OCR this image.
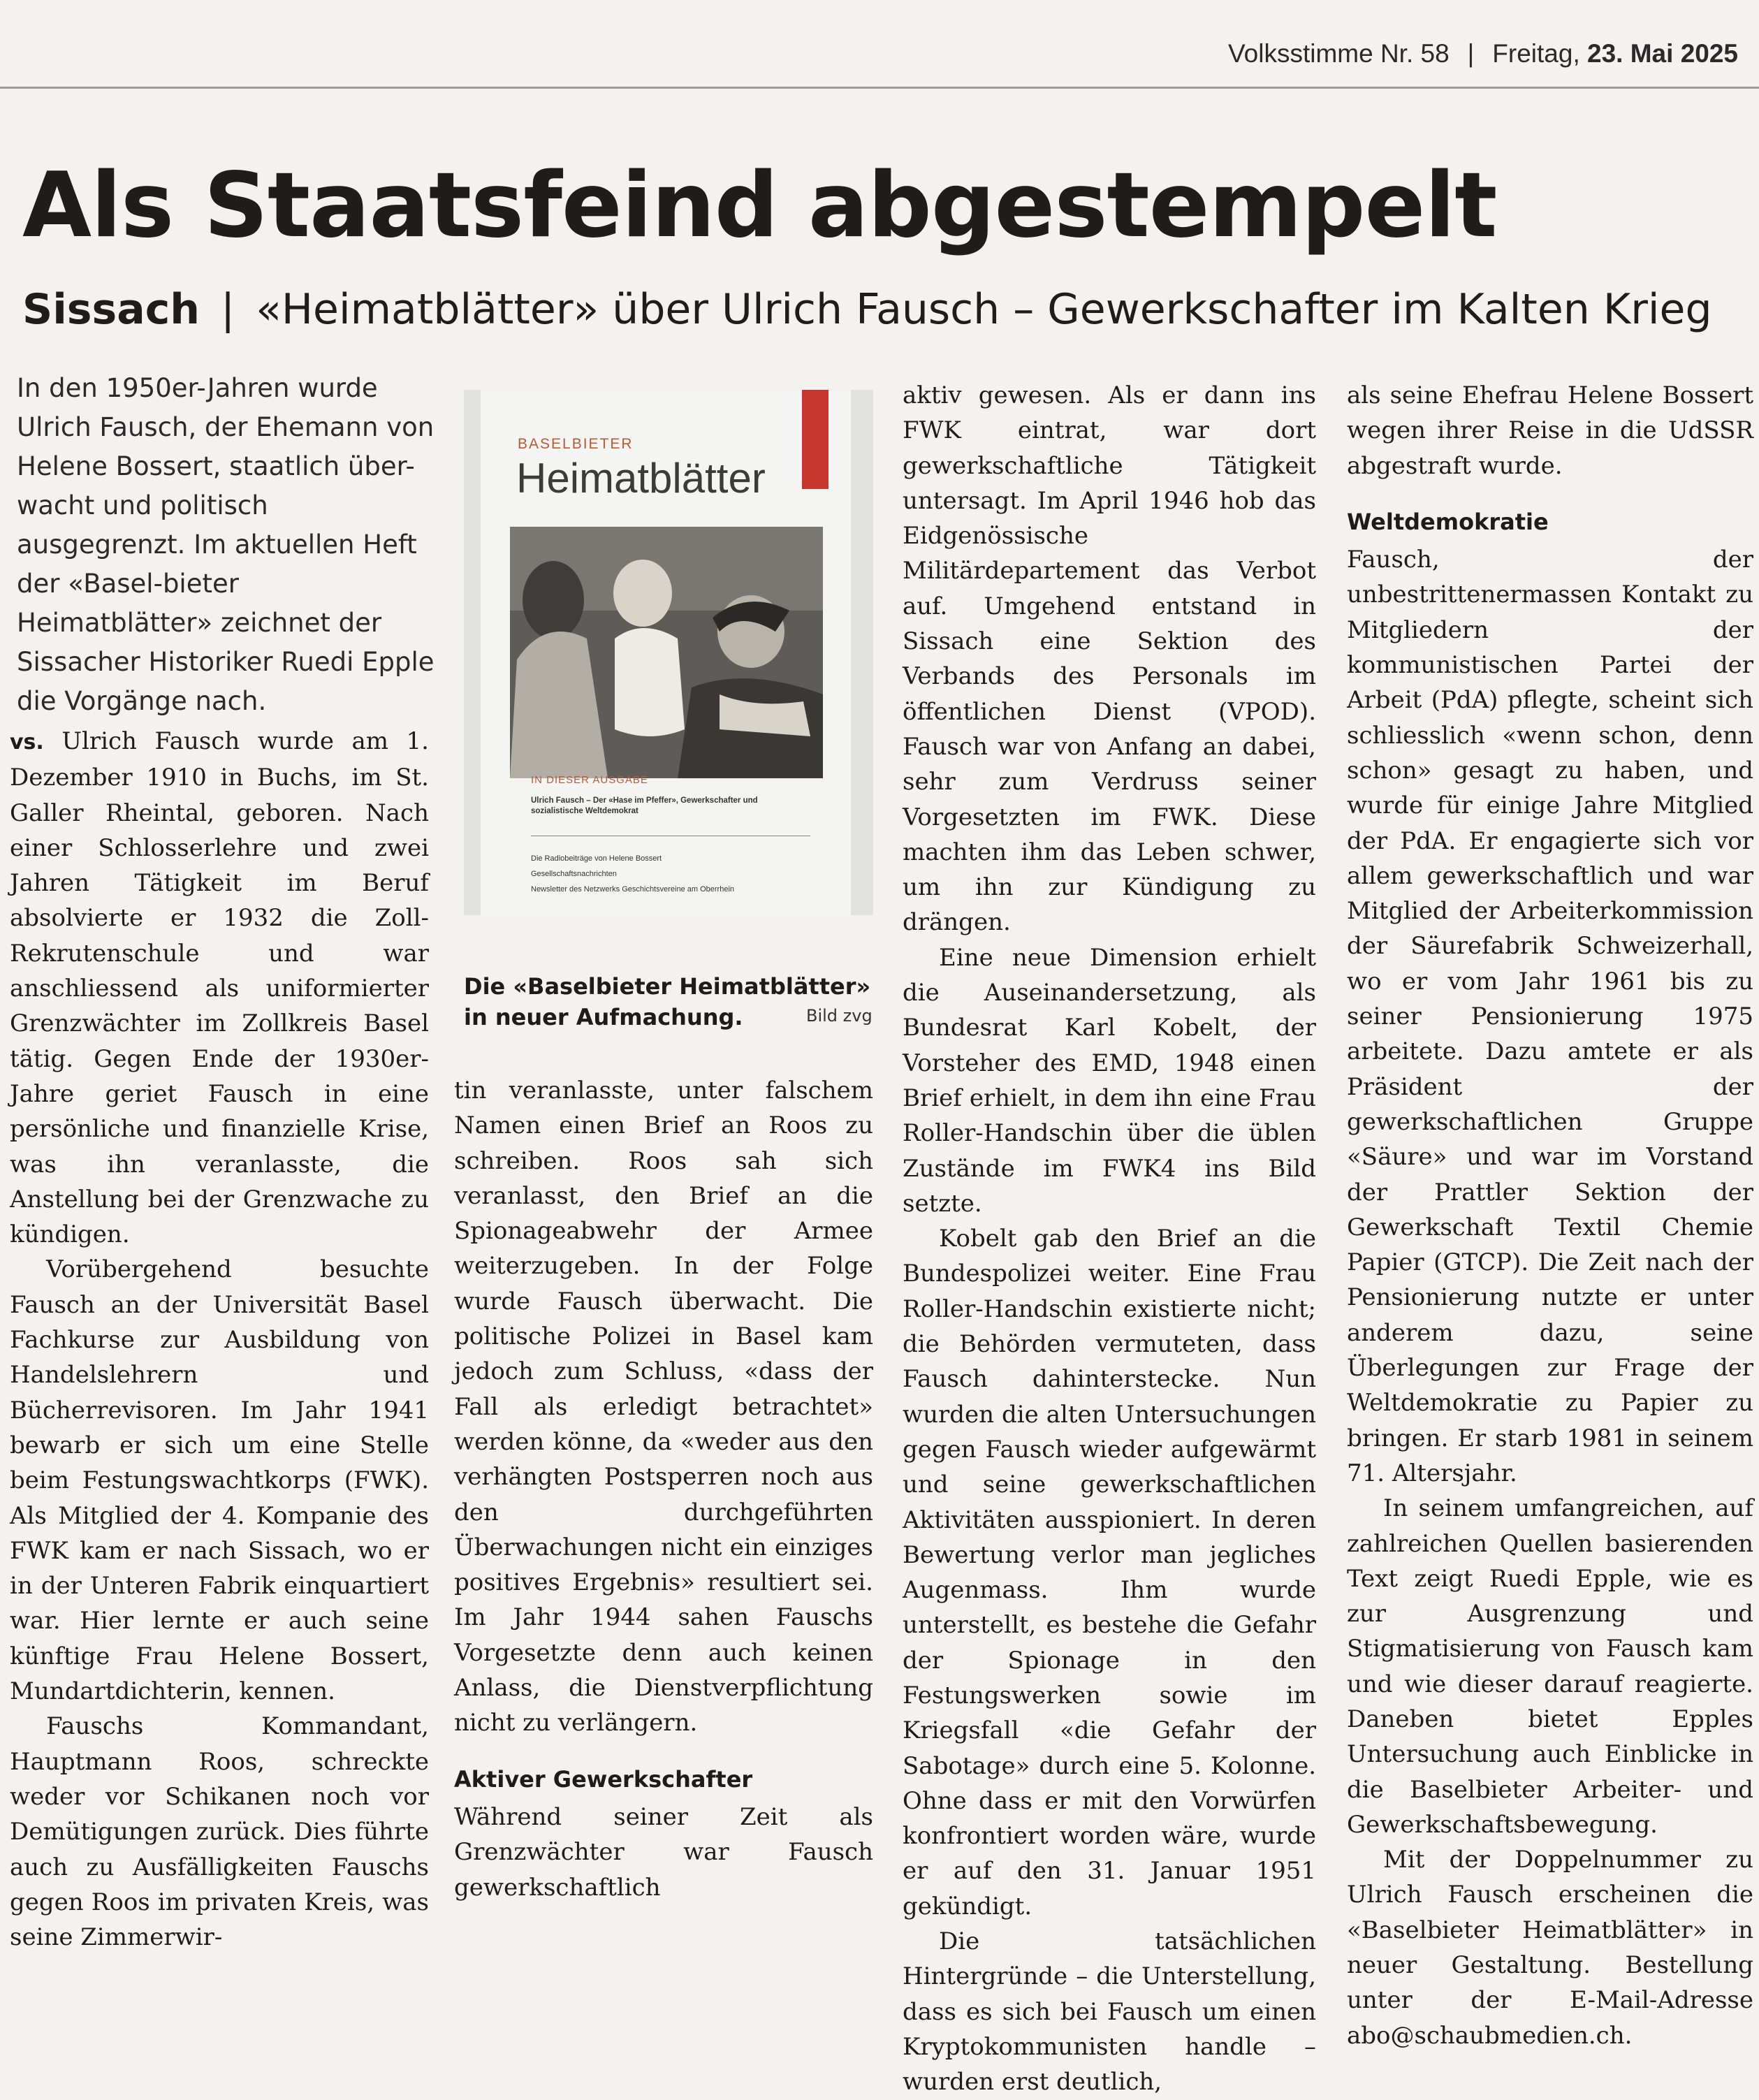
Volksstimme Nr. 58 | Freitag, 23. Mai 2025
Als Staatsfeind abgestempelt
Sissach | «Heimatblätter» über Ulrich Fausch – Gewerkschafter im Kalten Krieg
In den 1950er-Jahren wurde Ulrich Fausch, der Ehemann von Helene Bossert, staatlich über-wacht und politisch ausgegrenzt. Im aktuellen Heft der «Basel-bieter Heimatblätter» zeichnet der Sissacher Historiker Ruedi Epple die Vorgänge nach.

vs. Ulrich Fausch wurde am 1. Dezember 1910 in Buchs, im St. Galler Rheintal, geboren. Nach einer Schlosserlehre und zwei Jahren Tätigkeit im Beruf absolvierte er 1932 die Zoll-Rekrutenschule und war anschliessend als uniformierter Grenzwächter im Zollkreis Basel tätig. Gegen Ende der 1930er-Jahre geriet Fausch in eine persönliche und finanzielle Krise, was ihn veranlasste, die Anstellung bei der Grenzwache zu kündigen.

Vorübergehend besuchte Fausch an der Universität Basel Fachkurse zur Ausbildung von Handelslehrern und Bücherrevisoren. Im Jahr 1941 bewarb er sich um eine Stelle beim Festungswachtkorps (FWK). Als Mitglied der 4. Kompanie des FWK kam er nach Sissach, wo er in der Unteren Fabrik einquartiert war. Hier lernte er auch seine künftige Frau Helene Bossert, Mundartdichterin, kennen.

Fauschs Kommandant, Hauptmann Roos, schreckte weder vor Schikanen noch vor Demütigungen zurück. Dies führte auch zu Ausfälligkeiten Fauschs gegen Roos im privaten Kreis, was seine Zimmerwir-

BASELBIETER
Heimatblätter
IN DIESER AUSGABE
Ulrich Fausch – Der «Hase im Pfeffer», Gewerkschafter und sozialistische Weltdemokrat
Die Radiobeiträge von Helene Bossert
Gesellschaftsnachrichten
Newsletter des Netzwerks Geschichtsvereine am Oberrhein
Die «Baselbieter Heimatblätter» in neuer Aufmachung.	Bild zvg

tin veranlasste, unter falschem Namen einen Brief an Roos zu schreiben. Roos sah sich veranlasst, den Brief an die Spionageabwehr der Armee weiterzugeben. In der Folge wurde Fausch überwacht. Die politische Polizei in Basel kam jedoch zum Schluss, «dass der Fall als erledigt betrachtet» werden könne, da «weder aus den verhängten Postsperren noch aus den durchgeführten Überwachungen nicht ein einziges positives Ergebnis» resultiert sei. Im Jahr 1944 sahen Fauschs Vorgesetzte denn auch keinen Anlass, die Dienstverpflichtung nicht zu verlängern.

Aktiver Gewerkschafter

Während seiner Zeit als Grenzwächter war Fausch gewerkschaftlich

aktiv gewesen. Als er dann ins FWK eintrat, war dort gewerkschaftliche Tätigkeit untersagt. Im April 1946 hob das Eidgenössische Militärdepartement das Verbot auf. Umgehend entstand in Sissach eine Sektion des Verbands des Personals im öffentlichen Dienst (VPOD). Fausch war von Anfang an dabei, sehr zum Verdruss seiner Vorgesetzten im FWK. Diese machten ihm das Leben schwer, um ihn zur Kündigung zu drängen.

Eine neue Dimension erhielt die Auseinandersetzung, als Bundesrat Karl Kobelt, der Vorsteher des EMD, 1948 einen Brief erhielt, in dem ihn eine Frau Roller-Handschin über die üblen Zustände im FWK4 ins Bild setzte.

Kobelt gab den Brief an die Bundespolizei weiter. Eine Frau Roller-Handschin existierte nicht; die Behörden vermuteten, dass Fausch dahinterstecke. Nun wurden die alten Untersuchungen gegen Fausch wieder aufgewärmt und seine gewerkschaftlichen Aktivitäten ausspioniert. In deren Bewertung verlor man jegliches Augenmass. Ihm wurde unterstellt, es bestehe die Gefahr der Spionage in den Festungswerken sowie im Kriegsfall «die Gefahr der Sabotage» durch eine 5. Kolonne. Ohne dass er mit den Vorwürfen konfrontiert worden wäre, wurde er auf den 31. Januar 1951 gekündigt.

Die tatsächlichen Hintergründe – die Unterstellung, dass es sich bei Fausch um einen Kryptokommunisten handle – wurden erst deutlich,

als seine Ehefrau Helene Bossert wegen ihrer Reise in die UdSSR abgestraft wurde.

Weltdemokratie

Fausch, der unbestrittenermassen Kontakt zu Mitgliedern der kommunistischen Partei der Arbeit (PdA) pflegte, scheint sich schliesslich «wenn schon, denn schon» gesagt zu haben, und wurde für einige Jahre Mitglied der PdA. Er engagierte sich vor allem gewerkschaftlich und war Mitglied der Arbeiterkommission der Säurefabrik Schweizerhall, wo er vom Jahr 1961 bis zu seiner Pensionierung 1975 arbeitete. Dazu amtete er als Präsident der gewerkschaftlichen Gruppe «Säure» und war im Vorstand der Prattler Sektion der Gewerkschaft Textil Chemie Papier (GTCP). Die Zeit nach der Pensionierung nutzte er unter anderem dazu, seine Überlegungen zur Frage der Weltdemokratie zu Papier zu bringen. Er starb 1981 in seinem 71. Altersjahr.

In seinem umfangreichen, auf zahlreichen Quellen basierenden Text zeigt Ruedi Epple, wie es zur Ausgrenzung und Stigmatisierung von Fausch kam und wie dieser darauf reagierte. Daneben bietet Epples Untersuchung auch Einblicke in die Baselbieter Arbeiter- und Gewerkschaftsbewegung.

Mit der Doppelnummer zu Ulrich Fausch erscheinen die «Baselbieter Heimatblätter» in neuer Gestaltung. Bestellung unter der E-Mail-Adresse abo@schaubmedien.ch.
